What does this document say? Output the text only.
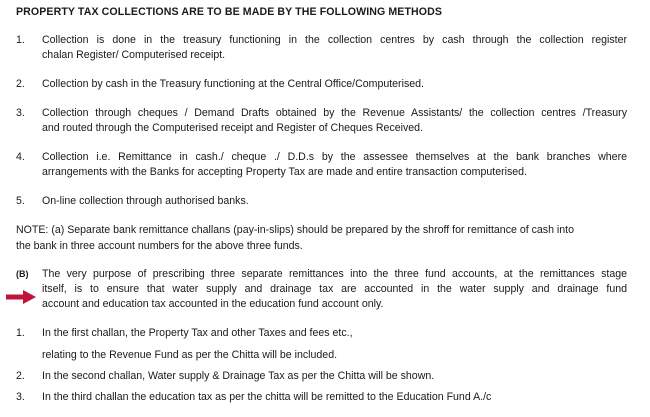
PROPERTY TAX COLLECTIONS ARE TO BE MADE BY THE FOLLOWING METHODS
1. Collection is done in the treasury functioning in the collection centres by cash through the collection register
chalan Register/ Computerised receipt.
2. Collection by cash in the Treasury functioning at the Central Office/Computerised.
3. Collection through cheques / Demand Drafts obtained by the Revenue Assistants/ the collection centres /Treasury
and routed through the Computerised receipt and Register of Cheques Received.
4. Collection i.e. Remittance in cash./ cheque ./ D.D.s by the assessee themselves at the bank branches where
arrangements with the Banks for accepting Property Tax are made and entire transaction computerised.
5. On-line collection through authorised banks.
NOTE: (a) Separate bank remittance challans (pay-in-slips) should be prepared by the shroff for remittance of cash into
the bank in three account numbers for the above three funds.
(B) The very purpose of prescribing three separate remittances into the three fund accounts, at the remittances stage
itself, is to ensure that water supply and drainage tax are accounted in the water supply and drainage fund
account and education tax accounted in the education fund account only.
1. In the first challan, the Property Tax and other Taxes and fees etc.,
relating to the Revenue Fund as per the Chitta will be included.
2. In the second challan, Water supply & Drainage Tax as per the Chitta will be shown.
3. In the third challan the education tax as per the chitta will be remitted to the Education Fund A./c
